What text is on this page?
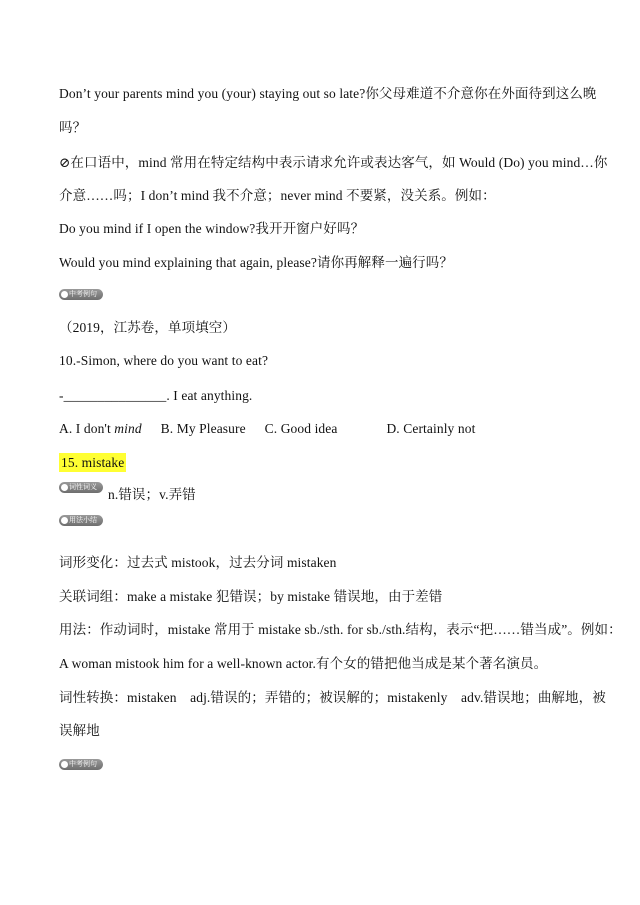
Don’t your parents mind you (your) staying out so late?你父母难道不介意你在外面待到这么晚
吗？
⊘在口语中，mind 常用在特定结构中表示请求允许或表达客气，如 Would (Do) you mind…你
介意……吗；I don’t mind 我不介意；never mind 不要紧，没关系。例如：
Do you mind if I open the window?我开开窗户好吗？
Would you mind explaining that again, please?请你再解释一遍行吗？
中考例句
（2019，江苏卷，单项填空）
10.-Simon, where do you want to eat?
-_______________. I eat anything.
A. I don't mind B. My Pleasure C. Good idea	D. Certainly not
15. mistake
词性词义 n.错误；v.弄错
用法小结
词形变化：过去式 mistook，过去分词 mistaken
关联词组：make a mistake 犯错误；by mistake 错误地，由于差错
用法：作动词时，mistake 常用于 mistake sb./sth. for sb./sth.结构，表示“把……错当成”。例如：
A woman mistook him for a well-known actor.有个女的错把他当成是某个著名演员。
词性转换：mistaken　adj.错误的；弄错的；被误解的；mistakenly　adv.错误地；曲解地，被
误解地
中考例句
